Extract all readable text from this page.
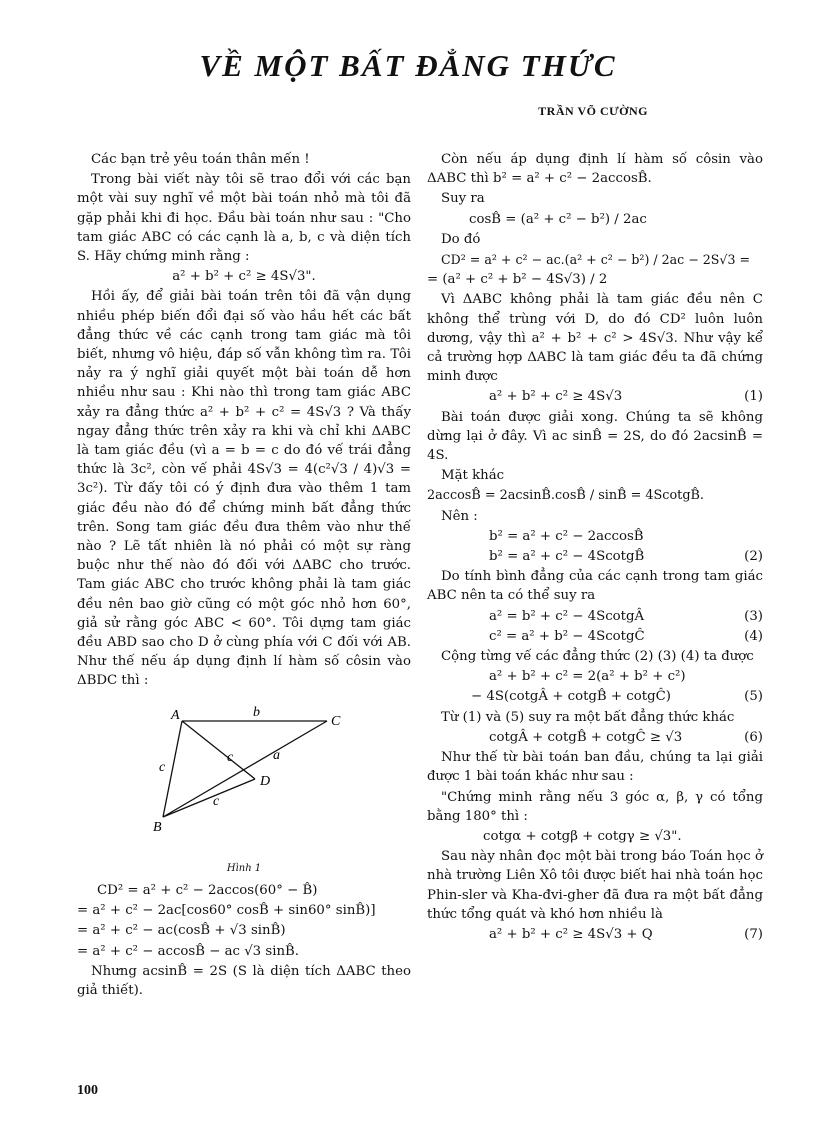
VỀ MỘT BẤT ĐẲNG THỨC
TRẦN VÕ CƯỜNG

Các bạn trẻ yêu toán thân mến !

Trong bài viết này tôi sẽ trao đổi với các bạn một vài suy nghĩ về một bài toán nhỏ mà tôi đã gặp phải khi đi học. Đầu bài toán như sau : "Cho tam giác ABC có các cạnh là a, b, c và diện tích S. Hãy chứng minh rằng :

a² + b² + c² ≥ 4S√3".

Hồi ấy, để giải bài toán trên tôi đã vận dụng nhiều phép biến đổi đại số vào hầu hết các bất đẳng thức về các cạnh trong tam giác mà tôi biết, nhưng vô hiệu, đáp số vẫn không tìm ra. Tôi nảy ra ý nghĩ giải quyết một bài toán dễ hơn nhiều như sau : Khi nào thì trong tam giác ABC xảy ra đẳng thức a² + b² + c² = 4S√3 ? Và thấy ngay đẳng thức trên xảy ra khi và chỉ khi ΔABC là tam giác đều (vì a = b = c do đó vế trái đẳng thức là 3c², còn vế phải 4S√3 = 4(c²√3 / 4)√3 = 3c²). Từ đấy tôi có ý định đưa vào thêm 1 tam giác đều nào đó để chứng minh bất đẳng thức trên. Song tam giác đều đưa thêm vào như thế nào ? Lẽ tất nhiên là nó phải có một sự ràng buộc như thế nào đó đối với ΔABC cho trước. Tam giác ABC cho trước không phải là tam giác đều nên bao giờ cũng có một góc nhỏ hơn 60°, giả sử rằng góc ABC < 60°. Tôi dựng tam giác đều ABD sao cho D ở cùng phía với C đối với AB. Như thế nếu áp dụng định lí hàm số côsin vào ΔBDC thì :

A
B
C
D
b
c
c
c
a
Hình 1
CD² = a² + c² − 2accos(60° − B̂)
= a² + c² − 2ac[cos60° cosB̂ + sin60° sinB̂)]
= a² + c² − ac(cosB̂ + √3 sinB̂)
= a² + c² − accosB̂ − ac √3 sinB̂.

Nhưng acsinB̂ = 2S (S là diện tích ΔABC theo giả thiết).

Còn nếu áp dụng định lí hàm số côsin vào ΔABC thì b² = a² + c² − 2accosB̂.

Suy ra

cosB̂ = (a² + c² − b²) / 2ac

Do đó

CD² = a² + c² − ac.(a² + c² − b²) / 2ac − 2S√3 =
= (a² + c² + b² − 4S√3) / 2

Vì ΔABC không phải là tam giác đều nên C không thể trùng với D, do đó CD² luôn luôn dương, vậy thì a² + b² + c² > 4S√3. Như vậy kể cả trường hợp ΔABC là tam giác đều ta đã chứng minh được

a² + b² + c² ≥ 4S√3	(1)

Bài toán được giải xong. Chúng ta sẽ không dừng lại ở đây. Vì ac sinB̂ = 2S, do đó 2acsinB̂ = 4S.

Mặt khác

2accosB̂ = 2acsinB̂.cosB̂ / sinB̂ = 4ScotgB̂.

Nên :

b² = a² + c² − 2accosB̂
b² = a² + c² − 4ScotgB̂	(2)

Do tính bình đẳng của các cạnh trong tam giác ABC nên ta có thể suy ra

a² = b² + c² − 4ScotgÂ	(3)
c² = a² + b² − 4ScotgĈ	(4)

Cộng từng vế các đẳng thức (2) (3) (4) ta được

a² + b² + c² = 2(a² + b² + c²)
− 4S(cotgÂ + cotgB̂ + cotgĈ)	(5)

Từ (1) và (5) suy ra một bất đẳng thức khác

cotgÂ + cotgB̂ + cotgĈ ≥ √3	(6)

Như thế từ bài toán ban đầu, chúng ta lại giải được 1 bài toán khác như sau :

"Chứng minh rằng nếu 3 góc α, β, γ có tổng bằng 180° thì :

cotgα + cotgβ + cotgγ ≥ √3".

Sau này nhân đọc một bài trong báo Toán học ở nhà trường Liên Xô tôi được biết hai nhà toán học Phin-sler và Kha-đvi-gher đã đưa ra một bất đẳng thức tổng quát và khó hơn nhiều là

a² + b² + c² ≥ 4S√3 + Q	(7)
100
